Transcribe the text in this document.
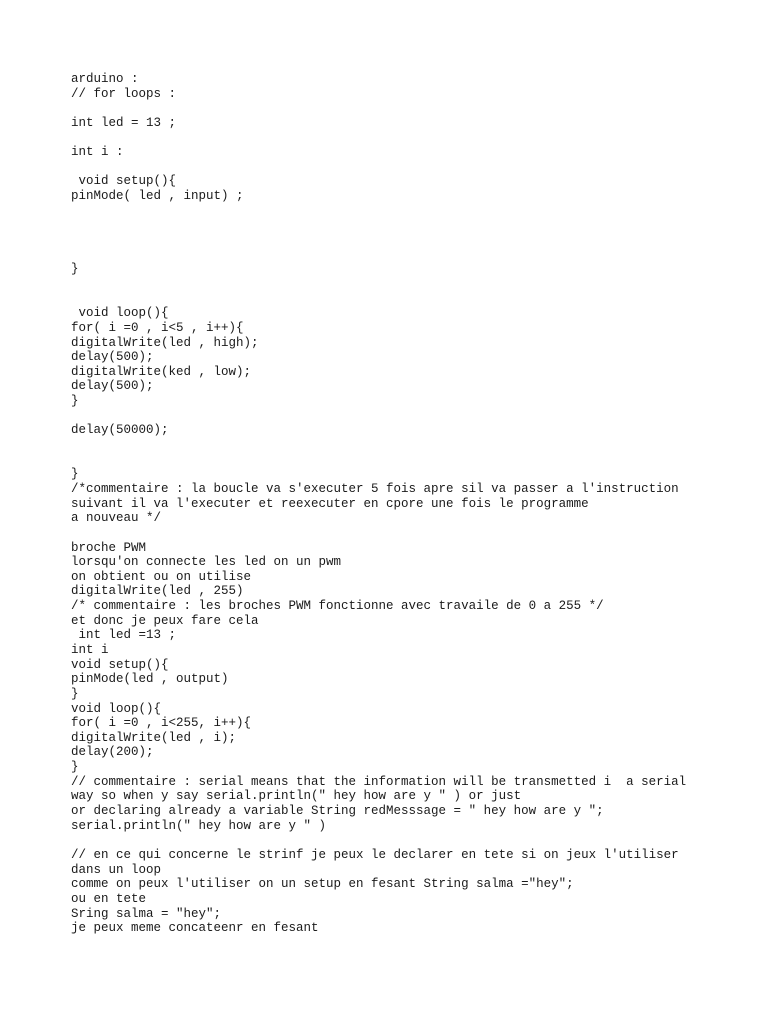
arduino :
// for loops :
int led = 13 ;
int i :
void setup(){
pinMode( led , input) ;
}
void loop(){
for( i =0 , i<5 , i++){
digitalWrite(led , high);
delay(500);
digitalWrite(ked , low);
delay(500);
}
delay(50000);
}
/*commentaire : la boucle va s'executer 5 fois apre sil va passer a l'instruction
suivant il va l'executer et reexecuter en cpore une fois le programme
a nouveau */
broche PWM
lorsqu'on connecte les led on un pwm
on obtient ou on utilise
digitalWrite(led , 255)
/* commentaire : les broches PWM fonctionne avec travaile de 0 a 255 */
et donc je peux fare cela
int led =13 ;
int i
void setup(){
pinMode(led , output)
}
void loop(){
for( i =0 , i<255, i++){
digitalWrite(led , i);
delay(200);
}
// commentaire : serial means that the information will be transmetted i  a serial
way so when y say serial.println(" hey how are y " ) or just
or declaring already a variable String redMesssage = " hey how are y ";
serial.println(" hey how are y " )
// en ce qui concerne le strinf je peux le declarer en tete si on jeux l'utiliser
dans un loop
comme on peux l'utiliser on un setup en fesant String salma ="hey";
ou en tete
Sring salma = "hey";
je peux meme concateenr en fesant
